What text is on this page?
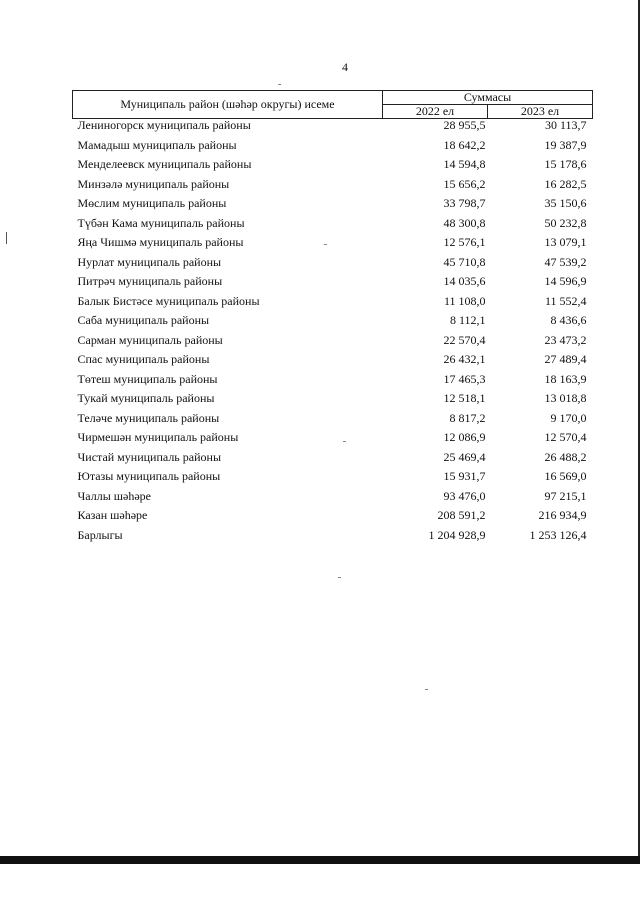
4
Муниципаль район (шәһәр округы) исеме	Суммасы	
	2022 ел	2023 ел
Лениногорск муниципаль районы	28 955,5	30 113,7
Мамадыш муниципаль районы	18 642,2	19 387,9
Менделеевск муниципаль районы	14 594,8	15 178,6
Минзәлә муниципаль районы	15 656,2	16 282,5
Мөслим муниципаль районы	33 798,7	35 150,6
Түбән Кама муниципаль районы	48 300,8	50 232,8
Яңа Чишмә муниципаль районы	12 576,1	13 079,1
Нурлат муниципаль районы	45 710,8	47 539,2
Питрәч муниципаль районы	14 035,6	14 596,9
Балык Бистәсе муниципаль районы	11 108,0	11 552,4
Саба муниципаль районы	8 112,1	8 436,6
Сарман муниципаль районы	22 570,4	23 473,2
Спас муниципаль районы	26 432,1	27 489,4
Төтеш муниципаль районы	17 465,3	18 163,9
Тукай муниципаль районы	12 518,1	13 018,8
Теләче муниципаль районы	8 817,2	9 170,0
Чирмешән муниципаль районы	12 086,9	12 570,4
Чистай муниципаль районы	25 469,4	26 488,2
Ютазы муниципаль районы	15 931,7	16 569,0
Чаллы шәһәре	93 476,0	97 215,1
Казан шәһәре	208 591,2	216 934,9
Барлыгы	1 204 928,9	1 253 126,4
